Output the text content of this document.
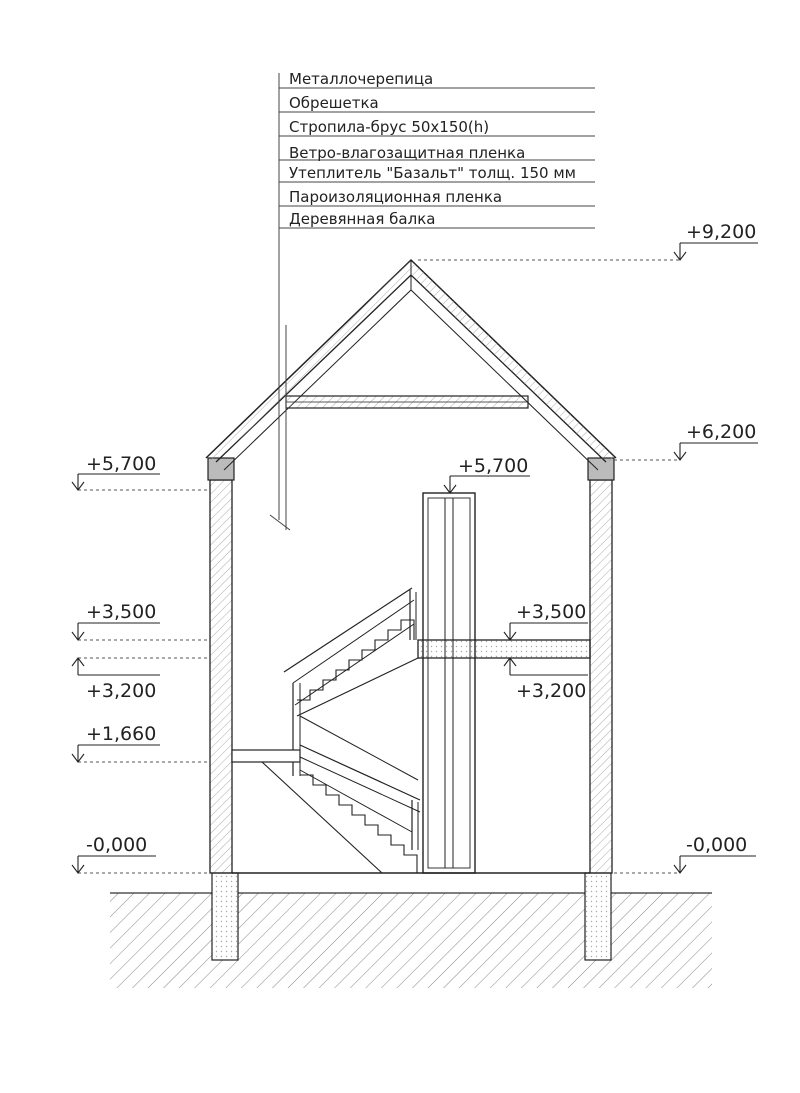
Металлочерепица
Обрешетка
Стропила-брус 50х150(h)
Ветро-влагозащитная пленка
Утеплитель "Базальт" толщ. 150 мм
Пароизоляционная пленка
Деревянная балка
+9,200
+6,200
+5,700	+5,700
+3,500
+3,200
+3,500
+3,200
+1,660
-0,000	-0,000
